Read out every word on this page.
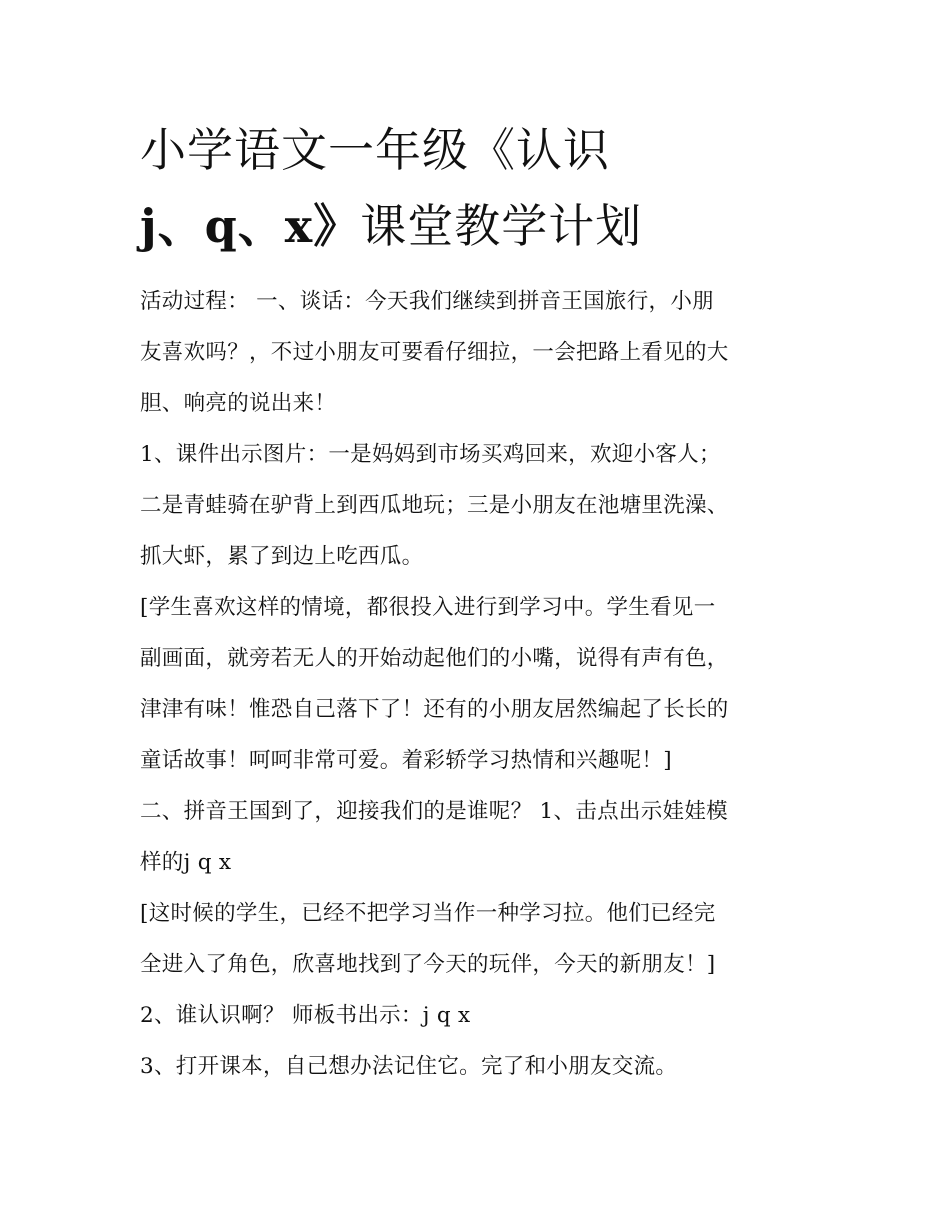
小学语文一年级《认识
j、q、x》课堂教学计划
活动过程： 一、谈话：今天我们继续到拼音王国旅行，小朋
友喜欢吗？，不过小朋友可要看仔细拉，一会把路上看见的大
胆、响亮的说出来！
1、课件出示图片：一是妈妈到市场买鸡回来，欢迎小客人；
二是青蛙骑在驴背上到西瓜地玩；三是小朋友在池塘里洗澡、
抓大虾，累了到边上吃西瓜。
[学生喜欢这样的情境，都很投入进行到学习中。学生看见一
副画面，就旁若无人的开始动起他们的小嘴，说得有声有色，
津津有味！惟恐自己落下了！还有的小朋友居然编起了长长的
童话故事！呵呵非常可爱。着彩轿学习热情和兴趣呢！]
二、拼音王国到了，迎接我们的是谁呢？ 1、击点出示娃娃模
样的j q x
[这时候的学生，已经不把学习当作一种学习拉。他们已经完
全进入了角色，欣喜地找到了今天的玩伴，今天的新朋友！]
2、谁认识啊？ 师板书出示：j q x
3、打开课本，自己想办法记住它。完了和小朋友交流。
